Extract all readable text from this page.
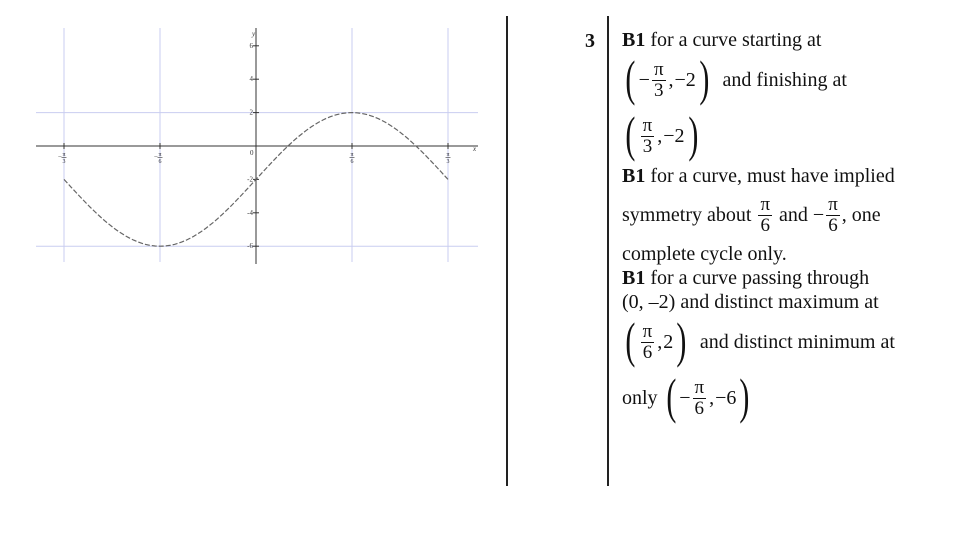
x
y
− π
3
− π
6
π
6
π
3
0
6
4
2
-2
-4
-6
3 B1
for a curve starting at
( − $\frac{\pi}{3}$ , −2 ) and finishing at
( $\frac{\pi}{3}$ , −2 )
B1
for a curve, must have implied
symmetry about
$\frac{\pi}{6}$
and
− $\frac{\pi}{6}$ , one
complete cycle only.
B1
for a curve passing through
(0, –2) and distinct maximum at
( $\frac{\pi}{6}$ , 2 ) and distinct minimum at
only
( − $\frac{\pi}{6}$ , −6 )
